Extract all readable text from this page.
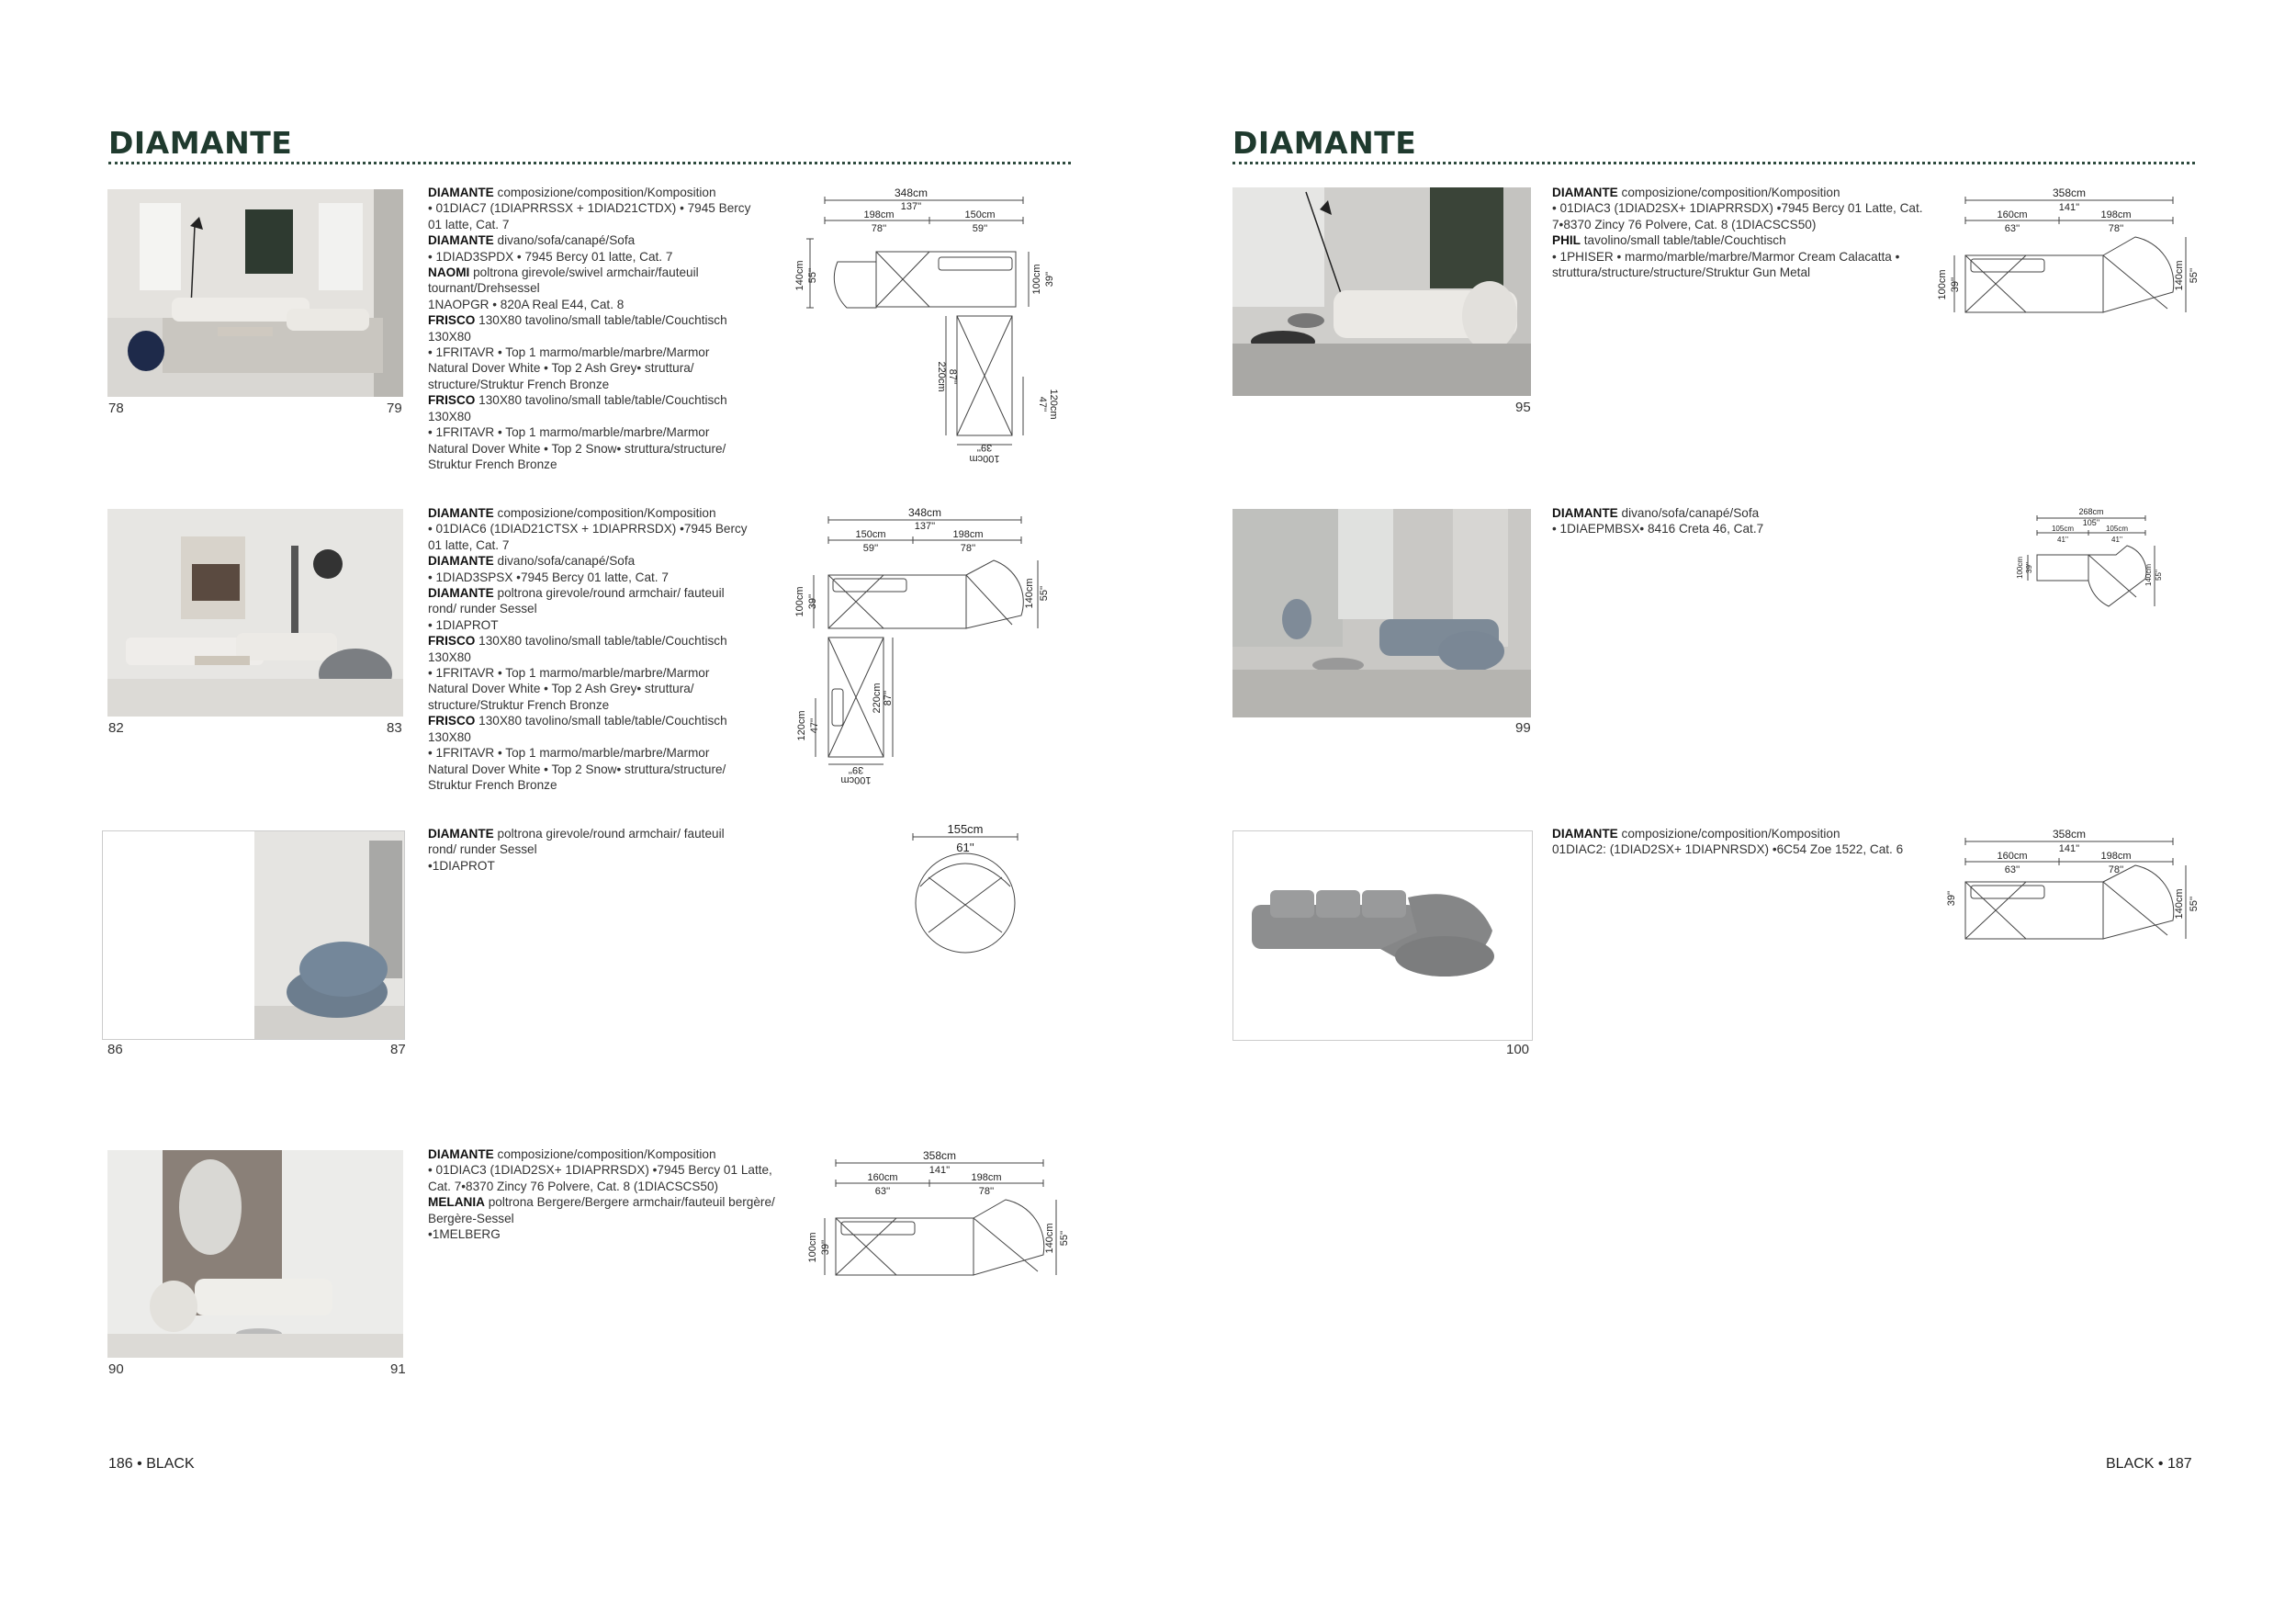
DIAMANTE
78	79
DIAMANTE composizione/composition/Komposition
• 01DIAC7 (1DIAPRRSSX + 1DIAD21CTDX) • 7945 Bercy
01 latte, Cat. 7
DIAMANTE divano/sofa/canapé/Sofa
• 1DIAD3SPDX • 7945 Bercy 01 latte, Cat. 7
NAOMI poltrona girevole/swivel armchair/fauteuil
tournant/Drehsessel
1NAOPGR • 820A Real E44, Cat. 8
FRISCO 130X80 tavolino/small table/table/Couchtisch
130X80
• 1FRITAVR • Top 1 marmo/marble/marbre/Marmor
Natural Dover White • Top 2 Ash Grey• struttura/
structure/Struktur French Bronze
FRISCO 130X80 tavolino/small table/table/Couchtisch
130X80
• 1FRITAVR • Top 1 marmo/marble/marbre/Marmor
Natural Dover White • Top 2 Snow• struttura/structure/
Struktur French Bronze
348cm
137''
198cm
78''
150cm
59''
140cm 55''	100cm 39''
220cm 87''
120cm
47''
100cm
39''
82	83
DIAMANTE composizione/composition/Komposition
• 01DIAC6 (1DIAD21CTSX + 1DIAPRRSDX) •7945 Bercy
01 latte, Cat. 7
DIAMANTE divano/sofa/canapé/Sofa
• 1DIAD3SPSX •7945 Bercy 01 latte, Cat. 7
DIAMANTE poltrona girevole/round armchair/ fauteuil
rond/ runder Sessel
• 1DIAPROT
FRISCO 130X80 tavolino/small table/table/Couchtisch
130X80
• 1FRITAVR • Top 1 marmo/marble/marbre/Marmor
Natural Dover White • Top 2 Ash Grey• struttura/
structure/Struktur French Bronze
FRISCO 130X80 tavolino/small table/table/Couchtisch
130X80
• 1FRITAVR • Top 1 marmo/marble/marbre/Marmor
Natural Dover White • Top 2 Snow• struttura/structure/
Struktur French Bronze
348cm
137''
150cm
59''
198cm
78''
100cm 39''	140cm 55''
220cm 87''
120cm 47''
100cm
39''
86	87
DIAMANTE poltrona girevole/round armchair/ fauteuil
rond/ runder Sessel
•1DIAPROT
155cm
61''
90	91
DIAMANTE composizione/composition/Komposition
• 01DIAC3 (1DIAD2SX+ 1DIAPRRSDX) •7945 Bercy 01 Latte,
Cat. 7•8370 Zincy 76 Polvere, Cat. 8 (1DIACSCS50)
MELANIA poltrona Bergere/Bergere armchair/fauteuil bergère/
Bergère-Sessel
•1MELBERG
358cm
141''
160cm
63''
198cm
78''
100cm 39''	140cm 55''
186 • BLACK
DIAMANTE
95
DIAMANTE composizione/composition/Komposition
• 01DIAC3 (1DIAD2SX+ 1DIAPRRSDX) •7945 Bercy 01 Latte, Cat.
7•8370 Zincy 76 Polvere, Cat. 8 (1DIACSCS50)
PHIL tavolino/small table/table/Couchtisch
• 1PHISER • marmo/marble/marbre/Marmor Cream Calacatta •
struttura/structure/structure/Struktur Gun Metal
358cm
141''
160cm
63''
198cm
78''
100cm 39''	140cm 55''
99
DIAMANTE divano/sofa/canapé/Sofa
• 1DIAEPMBSX• 8416 Creta 46, Cat.7
268cm
105''
105cm
41''
105cm
41''
100cm 39''	140cm 55''
100
DIAMANTE composizione/composition/Komposition
01DIAC2: (1DIAD2SX+ 1DIAPNRSDX) •6C54 Zoe 1522, Cat. 6
358cm
141''
160cm
63''
198cm
78''
39''	140cm 55''
BLACK • 187
